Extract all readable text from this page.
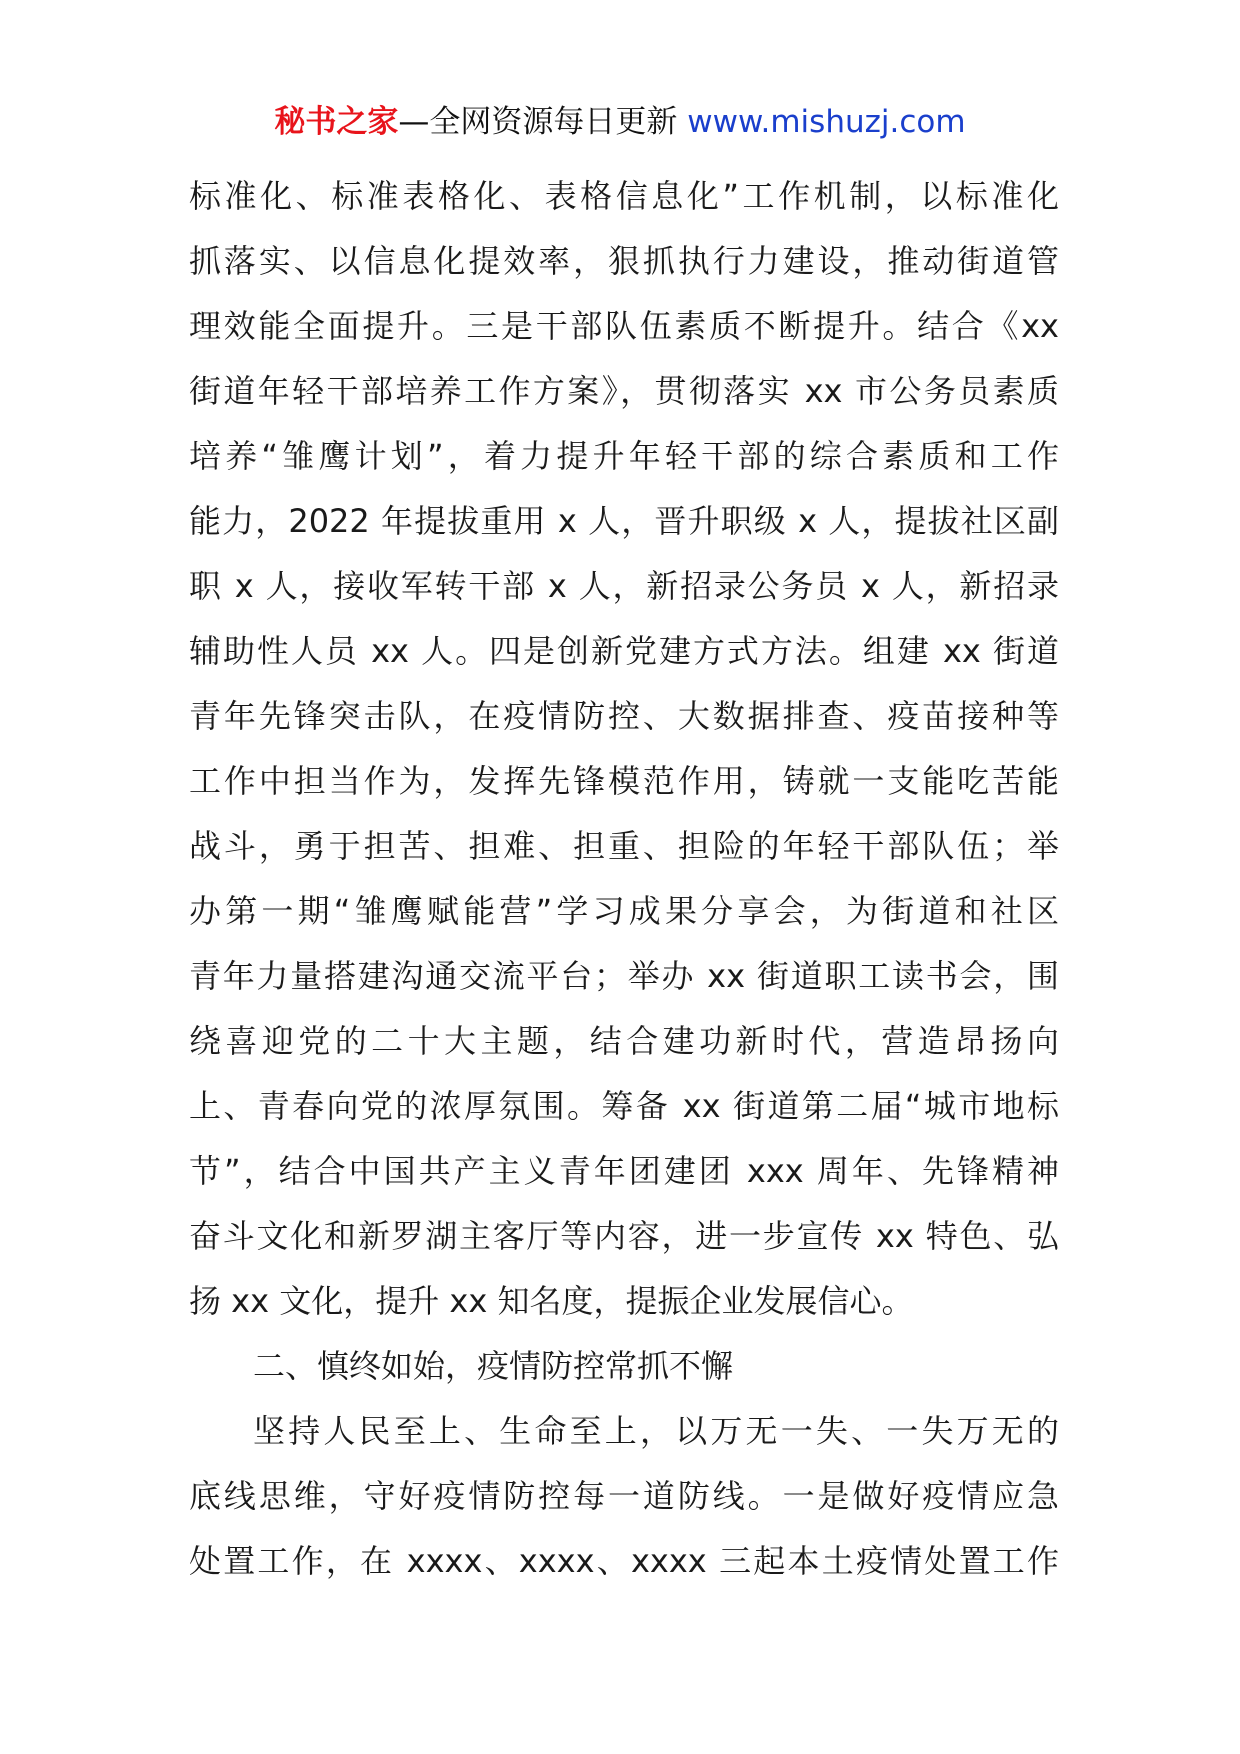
秘书之家—全网资源每日更新 www.mishuzj.com
标准化、标准表格化、表格信息化”工作机制，以标准化
抓落实、以信息化提效率，狠抓执行力建设，推动街道管
理效能全面提升。三是干部队伍素质不断提升。结合《xx
街道年轻干部培养工作方案》，贯彻落实 xx 市公务员素质
培养“雏鹰计划”，着力提升年轻干部的综合素质和工作
能力，2022 年提拔重用 x 人，晋升职级 x 人，提拔社区副
职 x 人，接收军转干部 x 人，新招录公务员 x 人，新招录
辅助性人员 xx 人。四是创新党建方式方法。组建 xx 街道
青年先锋突击队，在疫情防控、大数据排查、疫苗接种等
工作中担当作为，发挥先锋模范作用，铸就一支能吃苦能
战斗，勇于担苦、担难、担重、担险的年轻干部队伍；举
办第一期“雏鹰赋能营”学习成果分享会，为街道和社区
青年力量搭建沟通交流平台；举办 xx 街道职工读书会，围
绕喜迎党的二十大主题，结合建功新时代，营造昂扬向
上、青春向党的浓厚氛围。筹备 xx 街道第二届“城市地标
节”，结合中国共产主义青年团建团 xxx 周年、先锋精神
奋斗文化和新罗湖主客厅等内容，进一步宣传 xx 特色、弘
扬 xx 文化，提升 xx 知名度，提振企业发展信心。
二、慎终如始，疫情防控常抓不懈
坚持人民至上、生命至上，以万无一失、一失万无的
底线思维，守好疫情防控每一道防线。一是做好疫情应急
处置工作，在 xxxx、xxxx、xxxx 三起本土疫情处置工作
